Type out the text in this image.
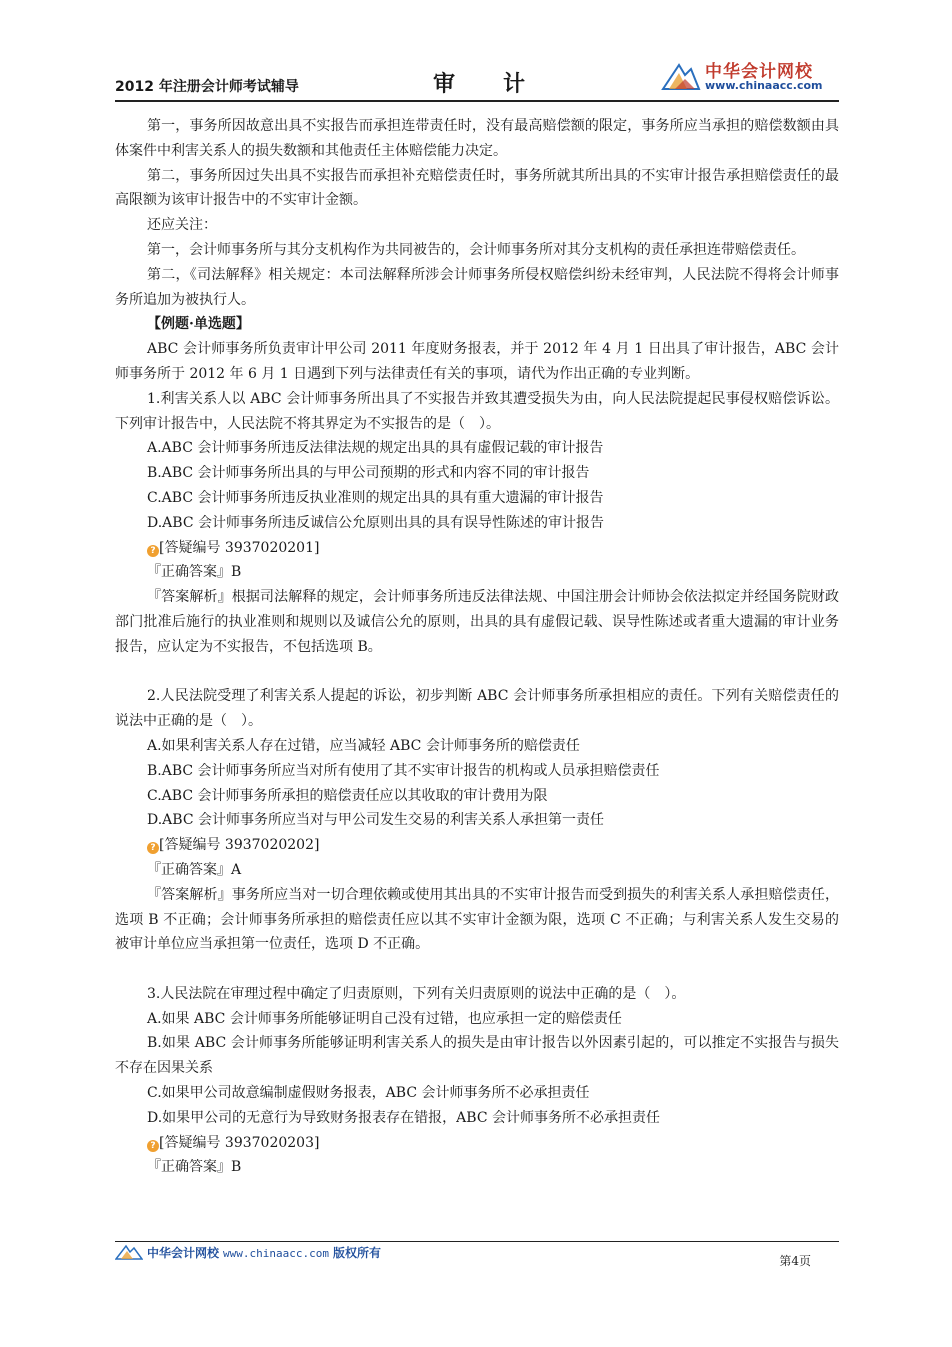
2012 年注册会计师考试辅导	审计	中华会计网校
www.chinaacc.com

第一，事务所因故意出具不实报告而承担连带责任时，没有最高赔偿额的限定，事务所应当承担的赔偿数额由具体案件中利害关系人的损失数额和其他责任主体赔偿能力决定。

第二，事务所因过失出具不实报告而承担补充赔偿责任时，事务所就其所出具的不实审计报告承担赔偿责任的最高限额为该审计报告中的不实审计金额。

还应关注：

第一，会计师事务所与其分支机构作为共同被告的，会计师事务所对其分支机构的责任承担连带赔偿责任。

第二，《司法解释》相关规定：本司法解释所涉会计师事务所侵权赔偿纠纷未经审判，人民法院不得将会计师事务所追加为被执行人。

【例题·单选题】

ABC 会计师事务所负责审计甲公司 2011 年度财务报表，并于 2012 年 4 月 1 日出具了审计报告，ABC 会计师事务所于 2012 年 6 月 1 日遇到下列与法律责任有关的事项，请代为作出正确的专业判断。

1.利害关系人以 ABC 会计师事务所出具了不实报告并致其遭受损失为由，向人民法院提起民事侵权赔偿诉讼。下列审计报告中，人民法院不将其界定为不实报告的是（　）。

A.ABC 会计师事务所违反法律法规的规定出具的具有虚假记载的审计报告

B.ABC 会计师事务所出具的与甲公司预期的形式和内容不同的审计报告

C.ABC 会计师事务所违反执业准则的规定出具的具有重大遗漏的审计报告

D.ABC 会计师事务所违反诚信公允原则出具的具有误导性陈述的审计报告

? [答疑编号 3937020201]

『正确答案』B

『答案解析』根据司法解释的规定，会计师事务所违反法律法规、中国注册会计师协会依法拟定并经国务院财政部门批准后施行的执业准则和规则以及诚信公允的原则，出具的具有虚假记载、误导性陈述或者重大遗漏的审计业务报告，应认定为不实报告，不包括选项 B。

2.人民法院受理了利害关系人提起的诉讼，初步判断 ABC 会计师事务所承担相应的责任。下列有关赔偿责任的说法中正确的是（　）。

A.如果利害关系人存在过错，应当减轻 ABC 会计师事务所的赔偿责任

B.ABC 会计师事务所应当对所有使用了其不实审计报告的机构或人员承担赔偿责任

C.ABC 会计师事务所承担的赔偿责任应以其收取的审计费用为限

D.ABC 会计师事务所应当对与甲公司发生交易的利害关系人承担第一责任

? [答疑编号 3937020202]

『正确答案』A

『答案解析』事务所应当对一切合理依赖或使用其出具的不实审计报告而受到损失的利害关系人承担赔偿责任，选项 B 不正确；会计师事务所承担的赔偿责任应以其不实审计金额为限，选项 C 不正确；与利害关系人发生交易的被审计单位应当承担第一位责任，选项 D 不正确。

3.人民法院在审理过程中确定了归责原则，下列有关归责原则的说法中正确的是（　）。

A.如果 ABC 会计师事务所能够证明自己没有过错，也应承担一定的赔偿责任

B.如果 ABC 会计师事务所能够证明利害关系人的损失是由审计报告以外因素引起的，可以推定不实报告与损失不存在因果关系

C.如果甲公司故意编制虚假财务报表，ABC 会计师事务所不必承担责任

D.如果甲公司的无意行为导致财务报表存在错报，ABC 会计师事务所不必承担责任

? [答疑编号 3937020203]

『正确答案』B

中华会计网校 www.chinaacc.com 版权所有
第4页
